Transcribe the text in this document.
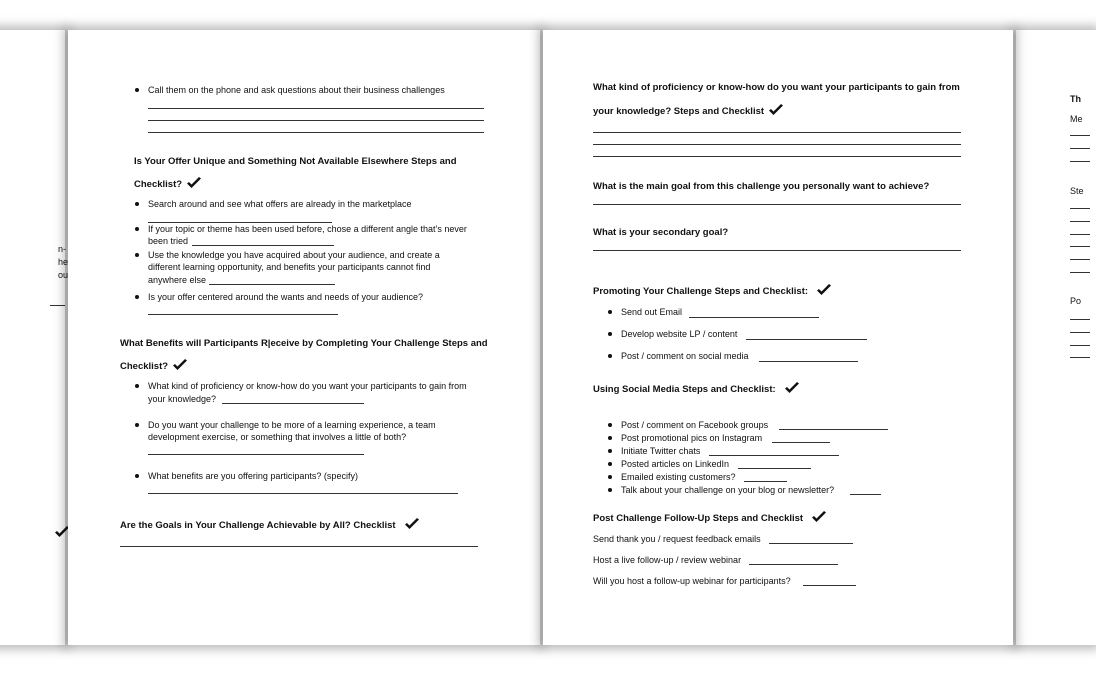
n-
he
ou
Call them on the phone and ask questions about their business challenges
Is Your Offer Unique and Something Not Available Elsewhere Steps and
Checklist?
Search around and see what offers are already in the marketplace
If your topic or theme has been used before, chose a different angle that’s never
been tried
Use the knowledge you have acquired about your audience, and create a
different learning opportunity, and benefits your participants cannot find
anywhere else
Is your offer centered around the wants and needs of your audience?
What Benefits will Participants R|eceive by Completing Your Challenge Steps and
Checklist?
What kind of proficiency or know-how do you want your participants to gain from
your knowledge?
Do you want your challenge to be more of a learning experience, a team
development exercise, or something that involves a little of both?
What benefits are you offering participants? (specify)
Are the Goals in Your Challenge Achievable by All? Checklist
What kind of proficiency or know-how do you want your participants to gain from
your knowledge? Steps and Checklist
What is the main goal from this challenge you personally want to achieve?
What is your secondary goal?
Promoting Your Challenge Steps and Checklist:
Send out Email
Develop website LP / content
Post / comment on social media
Using Social Media Steps and Checklist:
Post / comment on Facebook groups
Post promotional pics on Instagram
Initiate Twitter chats
Posted articles on LinkedIn
Emailed existing customers?
Talk about your challenge on your blog or newsletter?
Post Challenge Follow-Up Steps and Checklist
Send thank you / request feedback emails
Host a live follow-up / review webinar
Will you host a follow-up webinar for participants?
Th
Me
Ste
Po
